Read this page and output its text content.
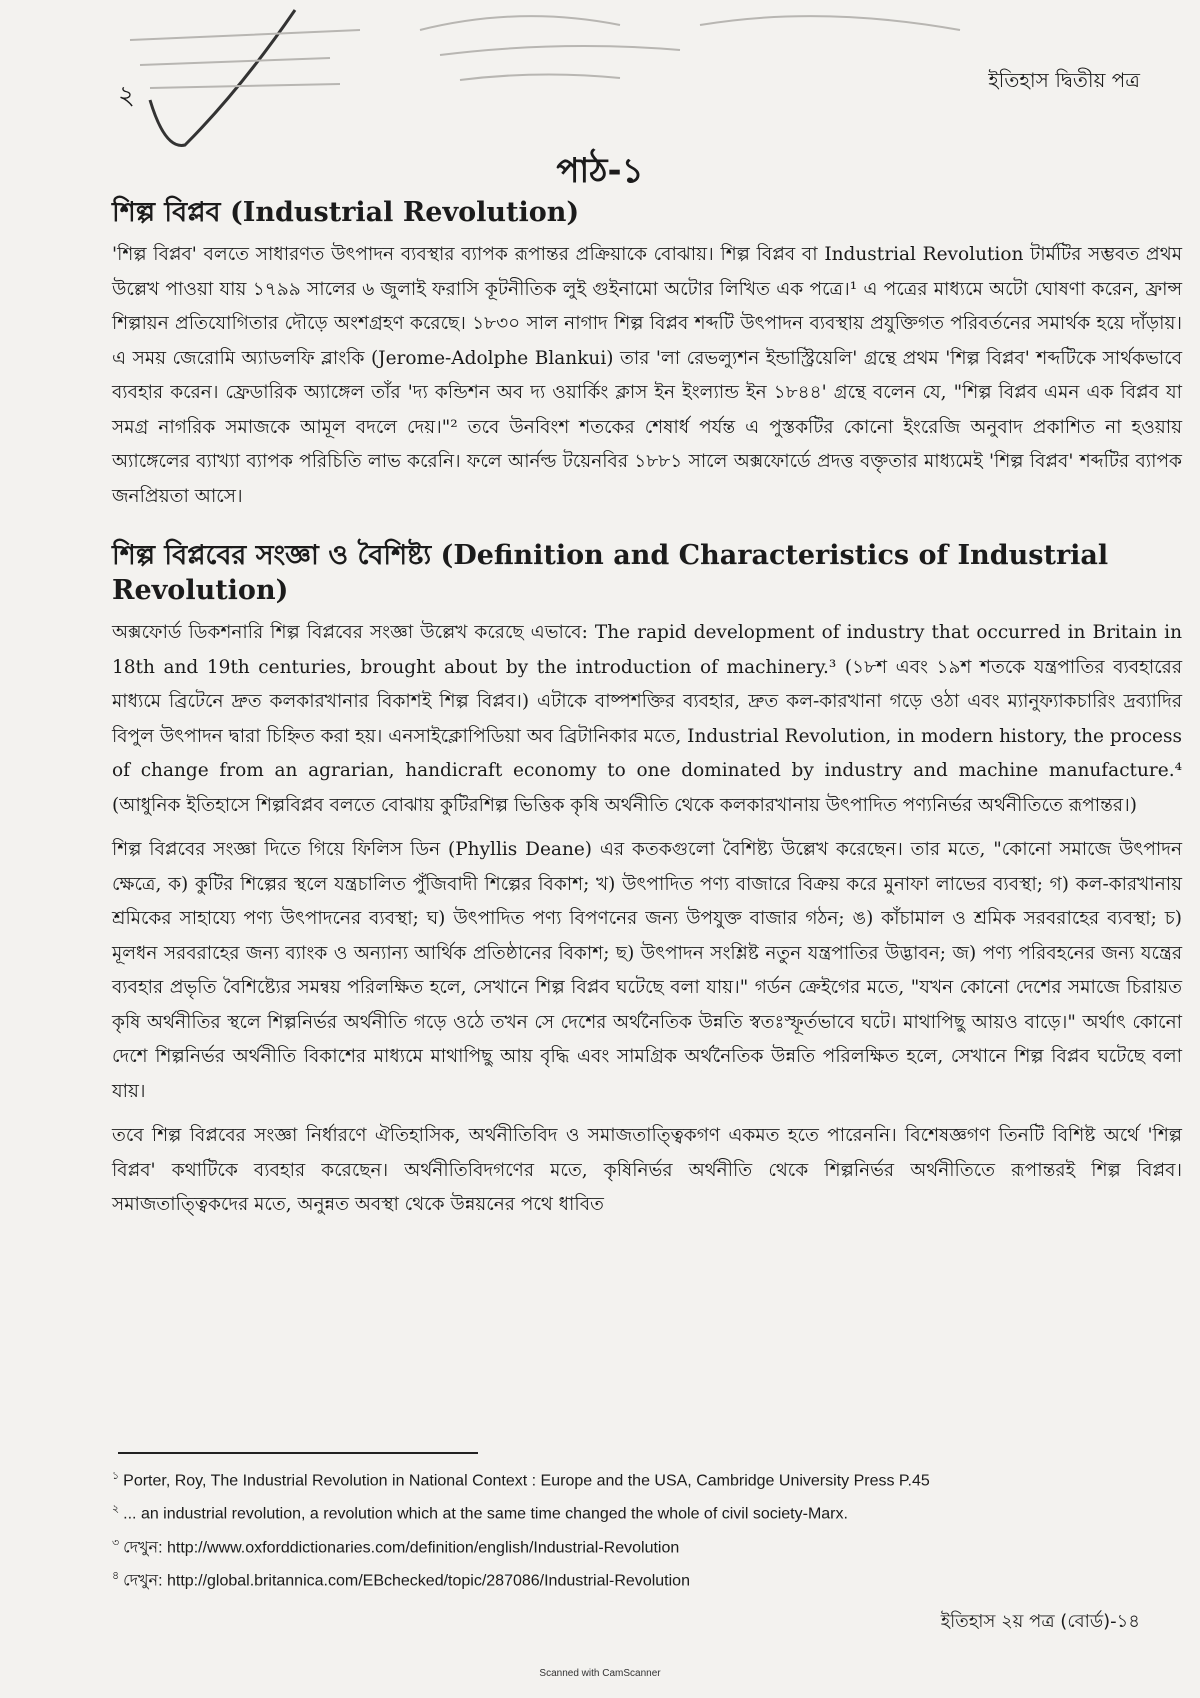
২
ইতিহাস দ্বিতীয় পত্র
পাঠ-১
শিল্প বিপ্লব (Industrial Revolution)

'শিল্প বিপ্লব' বলতে সাধারণত উৎপাদন ব্যবস্থার ব্যাপক রূপান্তর প্রক্রিয়াকে বোঝায়। শিল্প বিপ্লব বা Industrial Revolution টার্মটির সম্ভবত প্রথম উল্লেখ পাওয়া যায় ১৭৯৯ সালের ৬ জুলাই ফরাসি কূটনীতিক লুই গুইনামো অটোর লিখিত এক পত্রে।¹ এ পত্রের মাধ্যমে অটো ঘোষণা করেন, ফ্রান্স শিল্পায়ন প্রতিযোগিতার দৌড়ে অংশগ্রহণ করেছে। ১৮৩০ সাল নাগাদ শিল্প বিপ্লব শব্দটি উৎপাদন ব্যবস্থায় প্রযুক্তিগত পরিবর্তনের সমার্থক হয়ে দাঁড়ায়। এ সময় জেরোমি অ্যাডলফি ব্লাংকি (Jerome-Adolphe Blankui) তার 'লা রেভল্যুশন ইন্ডাস্ট্রিয়েলি' গ্রন্থে প্রথম 'শিল্প বিপ্লব' শব্দটিকে সার্থকভাবে ব্যবহার করেন। ফ্রেডারিক অ্যাঙ্গেল তাঁর 'দ্য কন্ডিশন অব দ্য ওয়ার্কিং ক্লাস ইন ইংল্যান্ড ইন ১৮৪৪' গ্রন্থে বলেন যে, "শিল্প বিপ্লব এমন এক বিপ্লব যা সমগ্র নাগরিক সমাজকে আমূল বদলে দেয়।"² তবে উনবিংশ শতকের শেষার্ধ পর্যন্ত এ পুস্তকটির কোনো ইংরেজি অনুবাদ প্রকাশিত না হওয়ায় অ্যাঙ্গেলের ব্যাখ্যা ব্যাপক পরিচিতি লাভ করেনি। ফলে আর্নল্ড টয়েনবির ১৮৮১ সালে অক্সফোর্ডে প্রদত্ত বক্তৃতার মাধ্যমেই 'শিল্প বিপ্লব' শব্দটির ব্যাপক জনপ্রিয়তা আসে।

শিল্প বিপ্লবের সংজ্ঞা ও বৈশিষ্ট্য (Definition and Characteristics of Industrial Revolution)

অক্সফোর্ড ডিকশনারি শিল্প বিপ্লবের সংজ্ঞা উল্লেখ করেছে এভাবে: The rapid development of industry that occurred in Britain in 18th and 19th centuries, brought about by the introduction of machinery.³ (১৮শ এবং ১৯শ শতকে যন্ত্রপাতির ব্যবহারের মাধ্যমে ব্রিটেনে দ্রুত কলকারখানার বিকাশই শিল্প বিপ্লব।) এটাকে বাষ্পশক্তির ব্যবহার, দ্রুত কল-কারখানা গড়ে ওঠা এবং ম্যানুফ্যাকচারিং দ্রব্যাদির বিপুল উৎপাদন দ্বারা চিহ্নিত করা হয়। এনসাইক্লোপিডিয়া অব ব্রিটানিকার মতে, Industrial Revolution, in modern history, the process of change from an agrarian, handicraft economy to one dominated by industry and machine manufacture.⁴ (আধুনিক ইতিহাসে শিল্পবিপ্লব বলতে বোঝায় কুটিরশিল্প ভিত্তিক কৃষি অর্থনীতি থেকে কলকারখানায় উৎপাদিত পণ্যনির্ভর অর্থনীতিতে রূপান্তর।)

শিল্প বিপ্লবের সংজ্ঞা দিতে গিয়ে ফিলিস ডিন (Phyllis Deane) এর কতকগুলো বৈশিষ্ট্য উল্লেখ করেছেন। তার মতে, "কোনো সমাজে উৎপাদন ক্ষেত্রে, ক) কুটির শিল্পের স্থলে যন্ত্রচালিত পুঁজিবাদী শিল্পের বিকাশ; খ) উৎপাদিত পণ্য বাজারে বিক্রয় করে মুনাফা লাভের ব্যবস্থা; গ) কল-কারখানায় শ্রমিকের সাহায্যে পণ্য উৎপাদনের ব্যবস্থা; ঘ) উৎপাদিত পণ্য বিপণনের জন্য উপযুক্ত বাজার গঠন; ঙ) কাঁচামাল ও শ্রমিক সরবরাহের ব্যবস্থা; চ) মূলধন সরবরাহের জন্য ব্যাংক ও অন্যান্য আর্থিক প্রতিষ্ঠানের বিকাশ; ছ) উৎপাদন সংশ্লিষ্ট নতুন যন্ত্রপাতির উদ্ভাবন; জ) পণ্য পরিবহনের জন্য যন্ত্রের ব্যবহার প্রভৃতি বৈশিষ্ট্যের সমন্বয় পরিলক্ষিত হলে, সেখানে শিল্প বিপ্লব ঘটেছে বলা যায়।" গর্ডন ক্রেইগের মতে, "যখন কোনো দেশের সমাজে চিরায়ত কৃষি অর্থনীতির স্থলে শিল্পনির্ভর অর্থনীতি গড়ে ওঠে তখন সে দেশের অর্থনৈতিক উন্নতি স্বতঃস্ফূর্তভাবে ঘটে। মাথাপিছু আয়ও বাড়ে।" অর্থাৎ কোনো দেশে শিল্পনির্ভর অর্থনীতি বিকাশের মাধ্যমে মাথাপিছু আয় বৃদ্ধি এবং সামগ্রিক অর্থনৈতিক উন্নতি পরিলক্ষিত হলে, সেখানে শিল্প বিপ্লব ঘটেছে বলা যায়।

তবে শিল্প বিপ্লবের সংজ্ঞা নির্ধারণে ঐতিহাসিক, অর্থনীতিবিদ ও সমাজতাত্ত্বিকগণ একমত হতে পারেননি। বিশেষজ্ঞগণ তিনটি বিশিষ্ট অর্থে 'শিল্প বিপ্লব' কথাটিকে ব্যবহার করেছেন। অর্থনীতিবিদগণের মতে, কৃষিনির্ভর অর্থনীতি থেকে শিল্পনির্ভর অর্থনীতিতে রূপান্তরই শিল্প বিপ্লব। সমাজতাত্ত্বিকদের মতে, অনুন্নত অবস্থা থেকে উন্নয়নের পথে ধাবিত

$^১$ Porter, Roy, The Industrial Revolution in National Context : Europe and the USA, Cambridge University Press P.45
$^২$ ... an industrial revolution, a revolution which at the same time changed the whole of civil society-Marx.
$^৩$ দেখুন: http://www.oxforddictionaries.com/definition/english/Industrial-Revolution
$^৪$ দেখুন: http://global.britannica.com/EBchecked/topic/287086/Industrial-Revolution
ইতিহাস ২য় পত্র (বোর্ড)-১৪
Scanned with CamScanner
